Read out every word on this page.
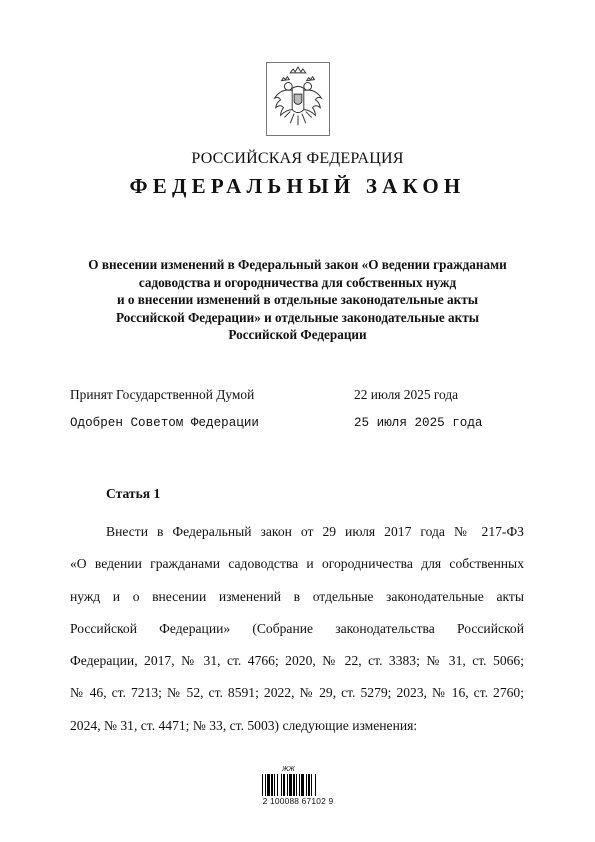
РОССИЙСКАЯ ФЕДЕРАЦИЯ
ФЕДЕРАЛЬНЫЙ ЗАКОН
О внесении изменений в Федеральный закон «О ведении гражданами
садоводства и огородничества для собственных нужд
и о внесении изменений в отдельные законодательные акты
Российской Федерации» и отдельные законодательные акты
Российской Федерации
Принят Государственной Думой	22 июля 2025 года
Одобрен Советом Федерации	25 июля 2025 года
Статья 1
Внести в Федеральный закон от 29 июля 2017 года № 217-ФЗ
«О ведении гражданами садоводства и огородничества для собственных
нужд и о внесении изменений в отдельные законодательные акты
Российской Федерации» (Собрание законодательства Российской
Федерации, 2017, № 31, ст. 4766; 2020, № 22, ст. 3383; № 31, ст. 5066;
№ 46, ст. 7213; № 52, ст. 8591; 2022, № 29, ст. 5279; 2023, № 16, ст. 2760;
2024, № 31, ст. 4471; № 33, ст. 5003) следующие изменения:
ЖЖ
2 100088 67102 9
